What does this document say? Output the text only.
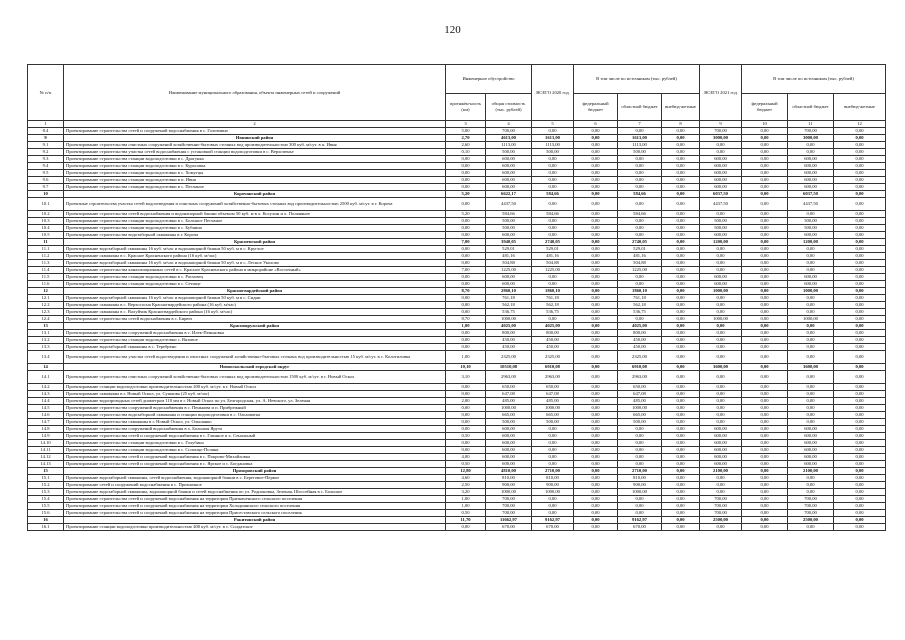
120
№ п/п	Наименование муниципального образования, объекта инженерных сетей и сооружений	Инженерное обустройство		ВСЕГО 2020 год	В том числе по источникам (тыс. рублей)			ВСЕГО 2021 год	В том числе по источникам (тыс. рублей)		
		протяжён-ность (км)	общая стоимость (тыс. рублей)		федеральный бюджет	областной бюджет	внебюд-жетные		федеральный бюджет	областной бюджет	внебюд-жетные
1	2	3	4	5	6	7	8	9	10	11	12
8.4	Проектирование строительства сетей и сооружений водоснабжения в с. Головчино	5,00	700,00	0,00	0,00	0,00	0,00	700,00	0,00	700,00	0,00
9	Ивнянский район	2,70	4613,00	1613,00	0,00	1613,00	0,00	3000,00	0,00	3000,00	0,00
9.1	Проектирование строительства очистных сооружений хозяйственно-бытовых сточных вод производительностью 300 куб. м/сут. в п. Ивня	2,60	1113,00	1113,00	0,00	1113,00	0,00	0,00	0,00	0,00	0,00
9.2	Проектирование строительства участка сетей водоснабжения с установкой станции водоподготовки в с. Верхопенье	0,10	500,00	500,00	0,00	500,00	0,00	0,00	0,00	0,00	0,00
9.3	Проектирование строительства станции водоподготовки в с. Драгунка	0,00	600,00	0,00	0,00	0,00	0,00	600,00	0,00	600,00	0,00
9.4	Проектирование строительства станции водоподготовки в с. Курасовка	0,00	600,00	0,00	0,00	0,00	0,00	600,00	0,00	600,00	0,00
9.5	Проектирование строительства станции водоподготовки в с. Хомутцы	0,00	600,00	0,00	0,00	0,00	0,00	600,00	0,00	600,00	0,00
9.6	Проектирование строительства станции водоподготовки в п. Ивня	0,00	600,00	0,00	0,00	0,00	0,00	600,00	0,00	600,00	0,00
9.7	Проектирование строительства станции водоподготовки в с. Песчаное	0,00	600,00	0,00	0,00	0,00	0,00	600,00	0,00	600,00	0,00
10	Корочанский район	5,20	6622,17	584,66	0,00	584,66	0,00	6037,50	0,00	6037,50	0,00
10.1	Проектные строительства участка сетей водоотведения и очистных сооружений хозяйственно-бытовых сточных вод производительностью 2500 куб. м/сут. в г. Короча	0,00	4437,50	0,00	0,00	0,00	0,00	4437,50	0,00	4437,50	0,00
10.2	Проектирование строительства сетей водоснабжения и водонапорной башни объемом 50 куб. м в х. Косухин и х. Поляняное	5,20	584,66	584,66	0,00	584,66	0,00	0,00	0,00	0,00	0,00
10.3	Проектирование строительства станции водоподготовки в с. Большое Песчаное	0,00	500,00	0,00	0,00	0,00	0,00	500,00	0,00	500,00	0,00
10.4	Проектирование строительства станции водоподготовки в с. Бубнино	0,00	500,00	0,00	0,00	0,00	0,00	500,00	0,00	500,00	0,00
10.5	Проектирование строительства водозаборной скважины в г. Короча	0,00	600,00	0,00	0,00	0,00	0,00	600,00	0,00	600,00	0,00
11	Красненский район	7,00	3940,05	2740,05	0,00	2740,05	0,00	1200,00	0,00	1200,00	0,00
11.1	Проектирование водозаборной скважины 16 куб. м/час и водонапорной башни 50 куб. м в с. Круглое	0,00	529,01	529,01	0,00	529,01	0,00	0,00	0,00	0,00	0,00
11.2	Проектирование скважины в с. Красное Красненского района (16 куб. м/час)	0,00	481,16	481,16	0,00	481,16	0,00	0,00	0,00	0,00	0,00
11.3	Проектирование водозаборной скважины 16 куб. м/час и водонапорной башни 50 куб. м в с. Лесное Уколово	0,00	504,88	504,88	0,00	504,88	0,00	0,00	0,00	0,00	0,00
11.4	Проектирование строительства канализационных сетей в с. Красное Красненского района в микрорайоне «Восточный»	7,00	1225,00	1225,00	0,00	1225,00	0,00	0,00	0,00	0,00	0,00
11.5	Проектирование строительства станции водоподготовки в с. Расховец	0,00	600,00	0,00	0,00	0,00	0,00	600,00	0,00	600,00	0,00
11.6	Проектирование строительства станции водоподготовки в с. Сетище	0,00	600,00	0,00	0,00	0,00	0,00	600,00	0,00	600,00	0,00
12	Красногвардейский район	8,70	2860,10	1860,10	0,00	1860,10	0,00	1000,00	0,00	1000,00	0,00
12.1	Проектирование водозаборной скважины 16 куб. м/час и водонапорной башни 50 куб. м в с. Сидни	0,00	761,18	761,18	0,00	761,18	0,00	0,00	0,00	0,00	0,00
12.2	Проектирование скважины в с. Верхососна Красногвардейского района (16 куб. м/час)	0,00	562,18	562,18	0,00	562,18	0,00	0,00	0,00	0,00	0,00
12.3	Проектирование скважины в с. Валуйчик Красногвардейского района (16 куб. м/час)	0,00	536,75	536,75	0,00	536,75	0,00	0,00	0,00	0,00	0,00
12.4	Проектирование строительства сетей водоснабжения в с. Бирюч	8,70	1000,00	0,00	0,00	0,00	0,00	1000,00	0,00	1000,00	0,00
13	Краснояружский район	1,00	4025,00	4025,00	0,00	4025,00	0,00	0,00	0,00	0,00	0,00
13.1	Проектирование строительства сооружений водоснабжения в с. Илек-Пеньковка	0,00	800,00	800,00	0,00	800,00	0,00	0,00	0,00	0,00	0,00
13.2	Проектирование строительства станции водоподготовки с. Вязовое	0,00	450,00	450,00	0,00	450,00	0,00	0,00	0,00	0,00	0,00
13.3	Проектирование водозаборной скважины в с. Теребрено	0,00	450,00	450,00	0,00	450,00	0,00	0,00	0,00	0,00	0,00
13.4	Проектирование строительства участка сетей водоотведения и очистных сооружений хозяйственно-бытовых сточных вод производительностью 15 куб. м/сут. в с. Колотиловка	1,00	2325,00	2325,00	0,00	2325,00	0,00	0,00	0,00	0,00	0,00
14	Новооскольский городской округ	10,10	10510,08	6910,08	0,00	6910,08	0,00	3600,00	0,00	3600,00	0,00
14.1	Проектирование строительства очистных сооружений хозяйственно-бытовых сточных вод производительностью 1500 куб. м/сут. в г. Новый Оскол	3,10	2963,00	2963,00	0,00	2963,00	0,00	0,00	0,00	0,00	0,00
14.2	Проектирование станции водоподготовки производительностью 200 куб. м/сут. в г. Новый Оскол	0,00	650,00	650,00	0,00	650,00	0,00	0,00	0,00	0,00	0,00
14.3	Проектирование скважины в г. Новый Оскол, ул. Сушкова (25 куб. м/час)	0,00	647,08	647,08	0,00	647,08	0,00	0,00	0,00	0,00	0,00
14.4	Проектирование водопроводных сетей диаметром 110 мм в г. Новый Оскол по ул. Белгородская, ул. А. Невского, ул. Зеленая	2,00	485,00	485,00	0,00	485,00	0,00	0,00	0,00	0,00	0,00
14.5	Проектирование строительства сооружений водоснабжения в с. Пенькова и п. Прибрежный	0,00	1000,00	1000,00	0,00	1000,00	0,00	0,00	0,00	0,00	0,00
14.6	Проектирование строительства водозаборной скважины и станции водоподготовки в с. Ольховатка	0,00	665,00	665,00	0,00	665,00	0,00	0,00	0,00	0,00	0,00
14.7	Проектирование строительства скважины в г. Новый Оскол, ул. Ольшанко	0,00	500,00	500,00	0,00	500,00	0,00	0,00	0,00	0,00	0,00
14.8	Проектирование строительства сооружений водоснабжения в х. Большая Ярута	0,00	600,00	0,00	0,00	0,00	0,00	600,00	0,00	600,00	0,00
14.9	Проектирование строительства сетей и сооружений водоснабжения в с. Глинное и х. Сенальный	0,50	600,00	0,00	0,00	0,00	0,00	600,00	0,00	600,00	0,00
14.10	Проектирование строительства станции водоподготовки в с. Голубино	0,00	600,00	0,00	0,00	0,00	0,00	600,00	0,00	600,00	0,00
14.11	Проектирование строительства станции водоподготовки в с. Солонцо-Поляна	0,00	600,00	0,00	0,00	0,00	0,00	600,00	0,00	600,00	0,00
14.12	Проектирование строительства сетей и сооружений водоснабжения в с. Покрово-Михайловка	4,00	600,00	0,00	0,00	0,00	0,00	600,00	0,00	600,00	0,00
14.13	Проектирование строительства сетей и сооружений водоснабжения в с. Ярское и с. Богдановка	0,50	600,00	0,00	0,00	0,00	0,00	600,00	0,00	600,00	0,00
15	Прохоровский район	12,80	4810,00	2710,00	0,00	2710,00	0,00	2100,00	0,00	2100,00	0,00
15.1	Проектирование водозаборной скважины, сетей водоснабжения, водонапорной башни в с. Береговое-Первое	4,60	810,00	810,00	0,00	810,00	0,00	0,00	0,00	0,00	0,00
15.2	Проектирование сетей и сооружений водоснабжения в с. Призначное	2,50	900,00	900,00	0,00	900,00	0,00	0,00	0,00	0,00	0,00
15.3	Проектирование водозаборной скважины, водонапорной башни и сетей водоснабжения по ул. Родионовка, Зеленая, Шоссейная в с. Большое	3,20	1000,00	1000,00	0,00	1000,00	0,00	0,00	0,00	0,00	0,00
15.4	Проектирование строительства сетей и сооружений водоснабжения на территории Призначенского сельского поселения	1,00	700,00	0,00	0,00	0,00	0,00	700,00	0,00	700,00	0,00
15.5	Проектирование строительства сетей и сооружений водоснабжения на территории Холоднянского сельского поселения	1,00	700,00	0,00	0,00	0,00	0,00	700,00	0,00	700,00	0,00
15.6	Проектирование строительства сетей и сооружений водоснабжения на территории Присеставского сельского поселения	0,50	700,00	0,00	0,00	0,00	0,00	700,00	0,00	700,00	0,00
16	Ракитянский район	11,70	11662,97	9162,97	0,00	9162,97	0,00	2500,00	0,00	2500,00	0,00
16.1	Проектирование станции водоподготовки производительностью 400 куб. м/сут. в с. Солдатское	0,00	670,00	670,00	0,00	670,00	0,00	0,00	0,00	0,00	0,00
